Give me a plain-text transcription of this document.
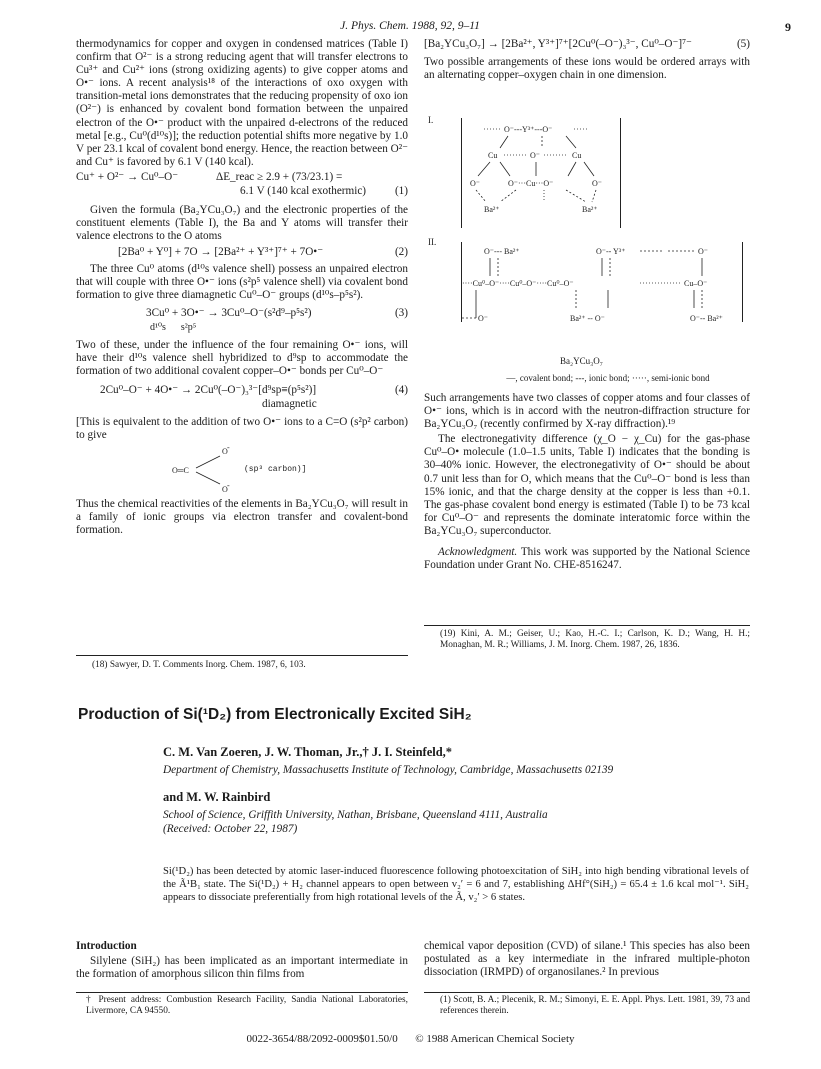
J. Phys. Chem. 1988, 92, 9–11	9

thermodynamics for copper and oxygen in condensed matrices (Table I) confirm that O²⁻ is a strong reducing agent that will transfer electrons to Cu³⁺ and Cu²⁺ ions (strong oxidizing agents) to give copper atoms and O•⁻ ions. A recent analysis¹⁸ of the interactions of oxo oxygen with transition-metal ions demonstrates that the reducing propensity of oxo ion (O²⁻) is enhanced by covalent bond formation between the unpaired electron of the O•⁻ product with the unpaired d-electrons of the reduced metal [e.g., Cu⁰(d¹⁰s)]; the reduction potential shifts more negative by 1.0 V per 23.1 kcal of covalent bond energy. Hence, the reaction between O²⁻ and Cu⁺ is favored by 6.1 V (140 kcal).

Cu⁺ + O²⁻ → Cu⁰–O⁻	ΔE_reac ≥ 2.9 + (73/23.1) =
6.1 V (140 kcal exothermic)	(1)

Given the formula (Ba₂YCu₃O₇) and the electronic properties of the constituent elements (Table I), the Ba and Y atoms will transfer their valence electrons to the O atoms

[2Ba⁰ + Y⁰] + 7O → [2Ba²⁺ + Y³⁺]⁷⁺ + 7O•⁻	(2)

The three Cu⁰ atoms (d¹⁰s valence shell) possess an unpaired electron that will couple with three O•⁻ ions (s²p⁵ valence shell) via covalent bond formation to give three diamagnetic Cu⁰–O⁻ groups (d¹⁰s–p⁵s²).

3Cu⁰ + 3O•⁻ → 3Cu⁰–O⁻(s²d⁹–p⁵s²)	(3)
d¹⁰s      s²p⁵

Two of these, under the influence of the four remaining O•⁻ ions, will have their d¹⁰s valence shell hybridized to d⁹sp to accommodate the formation of two additional covalent copper–O•⁻ bonds per Cu⁰–O⁻

2Cu⁰–O⁻ + 4O•⁻ → 2Cu⁰(–O⁻)₃³⁻[d⁹sp≡(p⁵s²)]	(4)
diamagnetic

[This is equivalent to the addition of two O•⁻ ions to a C=O (s²p² carbon) to give

O -
O -
O═C	(sp³ carbon)]

Thus the chemical reactivities of the elements in Ba₂YCu₃O₇ will result in a family of ionic groups via electron transfer and covalent-bond formation.

(18) Sawyer, D. T. Comments Inorg. Chem. 1987, 6, 103.
[Ba₂YCu₃O₇] → [2Ba²⁺, Y³⁺]⁷⁺[2Cu⁰(–O⁻)₃³⁻, Cu⁰–O⁻]⁷⁻	(5)

Two possible arrangements of these ions would be ordered arrays with an alternating copper–oxygen chain in one dimension.

I.
O⁻---Y³⁺---O⁻
Cu	O⁻	Cu
O⁻	O⁻···Cu···O⁻	O⁻
Ba²⁺	Ba²⁺
II.
O⁻--- Ba²⁺	O⁻-- Y³⁺	O⁻
····Cu⁰–O⁻····Cu⁰–O⁻····Cu⁰–O⁻	Cu–O⁻
O⁻	Ba²⁺ -- O⁻	O⁻-- Ba²⁺
Ba₂YCu₃O₇
—, covalent bond; ---, ionic bond; ·····, semi-ionic bond

Such arrangements have two classes of copper atoms and four classes of O•⁻ ions, which is in accord with the neutron-diffraction structure for Ba₂YCu₃O₇ (recently confirmed by X-ray diffraction).¹⁹

The electronegativity difference (χ_O − χ_Cu) for the gas-phase Cu⁰–O• molecule (1.0–1.5 units, Table I) indicates that the bonding is 30–40% ionic. However, the electronegativity of O•⁻ should be about 0.7 unit less than for O, which means that the Cu⁰–O⁻ bond is less than 15% ionic, and that the charge density at the copper is less than +0.1. The gas-phase covalent bond energy is estimated (Table I) to be 73 kcal for Cu⁰–O⁻ and represents the dominate interatomic force within the Ba₂YCu₃O₇ superconductor.

Acknowledgment. This work was supported by the National Science Foundation under Grant No. CHE-8516247.

(19) Kini, A. M.; Geiser, U.; Kao, H.-C. I.; Carlson, K. D.; Wang, H. H.; Monaghan, M. R.; Williams, J. M. Inorg. Chem. 1987, 26, 1836.
Production of Si(¹D₂) from Electronically Excited SiH₂
C. M. Van Zoeren, J. W. Thoman, Jr.,† J. I. Steinfeld,*
Department of Chemistry, Massachusetts Institute of Technology, Cambridge, Massachusetts 02139
and M. W. Rainbird
School of Science, Griffith University, Nathan, Brisbane, Queensland 4111, Australia
(Received: October 22, 1987)
Si(¹D₂) has been detected by atomic laser-induced fluorescence following photoexcitation of SiH₂ into high bending vibrational levels of the Ã¹B₁ state. The Si(¹D₂) + H₂ channel appears to open between v₂′ = 6 and 7, establishing ΔHf°(SiH₂) = 65.4 ± 1.6 kcal mol⁻¹. SiH₂ appears to dissociate preferentially from high rotational levels of the Ã, v₂′ > 6 states.

Introduction

Silylene (SiH₂) has been implicated as an important intermediate in the formation of amorphous silicon thin films from

chemical vapor deposition (CVD) of silane.¹ This species has also been postulated as a key intermediate in the infrared multiple-photon dissociation (IRMPD) of organosilanes.² In previous

† Present address: Combustion Research Facility, Sandia National Laboratories, Livermore, CA 94550.
(1) Scott, B. A.; Plecenik, R. M.; Simonyi, E. E. Appl. Phys. Lett. 1981, 39, 73 and references therein.
0022-3654/88/2092-0009$01.50/0 © 1988 American Chemical Society
